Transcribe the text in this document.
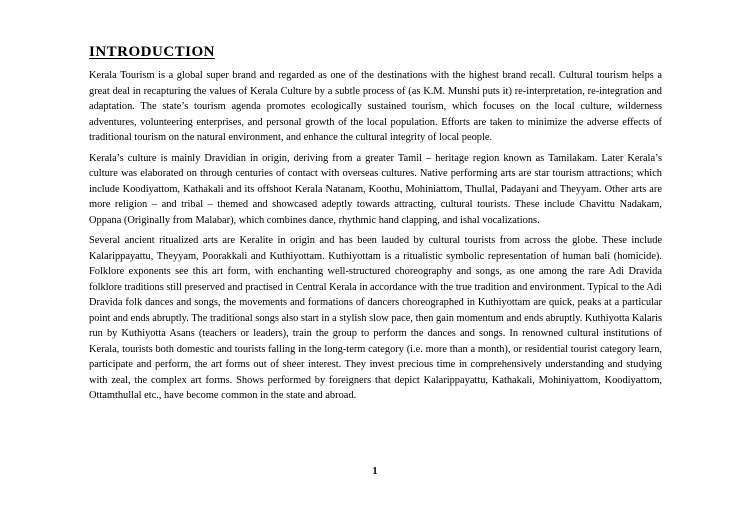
INTRODUCTION

Kerala Tourism is a global super brand and regarded as one of the destinations with the highest brand recall. Cultural tourism helps a great deal in recapturing the values of Kerala Culture by a subtle process of (as K.M. Munshi puts it) re-interpretation, re-integration and adaptation. The state’s tourism agenda promotes ecologically sustained tourism, which focuses on the local culture, wilderness adventures, volunteering enterprises, and personal growth of the local population. Efforts are taken to minimize the adverse effects of traditional tourism on the natural environment, and enhance the cultural integrity of local people.

Kerala’s culture is mainly Dravidian in origin, deriving from a greater Tamil – heritage region known as Tamilakam. Later Kerala’s culture was elaborated on through centuries of contact with overseas cultures. Native performing arts are star tourism attractions; which include Koodiyattom, Kathakali and its offshoot Kerala Natanam, Koothu, Mohiniattom, Thullal, Padayani and Theyyam. Other arts are more religion – and tribal – themed and showcased adeptly towards attracting, cultural tourists. These include Chavittu Nadakam, Oppana (Originally from Malabar), which combines dance, rhythmic hand clapping, and ishal vocalizations.

Several ancient ritualized arts are Keralite in origin and has been lauded by cultural tourists from across the globe. These include Kalarippayattu, Theyyam, Poorakkali and Kuthiyottam. Kuthiyottam is a ritualistic symbolic representation of human bali (homicide). Folklore exponents see this art form, with enchanting well-structured choreography and songs, as one among the rare Adi Dravida folklore traditions still preserved and practised in Central Kerala in accordance with the true tradition and environment. Typical to the Adi Dravida folk dances and songs, the movements and formations of dancers choreographed in Kuthiyottam are quick, peaks at a particular point and ends abruptly. The traditional songs also start in a stylish slow pace, then gain momentum and ends abruptly. Kuthiyotta Kalaris run by Kuthiyotta Asans (teachers or leaders), train the group to perform the dances and songs. In renowned cultural institutions of Kerala, tourists both domestic and tourists falling in the long-term category (i.e. more than a month), or residential tourist category learn, participate and perform, the art forms out of sheer interest. They invest precious time in comprehensively understanding and studying with zeal, the complex art forms. Shows performed by foreigners that depict Kalarippayattu, Kathakali, Mohiniyattom, Koodiyattom, Ottamthullal etc., have become common in the state and abroad.

1
